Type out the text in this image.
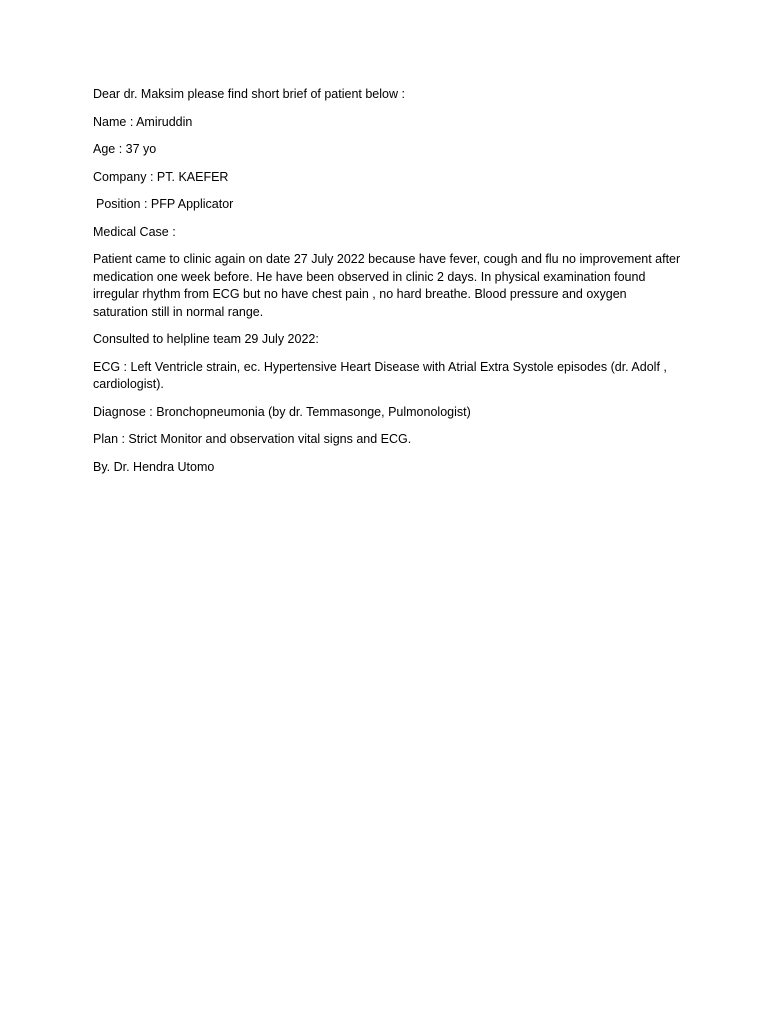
Dear dr. Maksim please find short brief of patient below :

Name : Amiruddin

Age : 37 yo

Company : PT. KAEFER

Position : PFP Applicator

Medical Case :

Patient came to clinic again on date 27 July 2022 because have fever, cough and flu no improvement after medication one week before. He have been observed in clinic 2 days. In physical examination found irregular rhythm from ECG but no have chest pain , no hard breathe. Blood pressure and oxygen saturation still in normal range.

Consulted to helpline team 29 July 2022:

ECG : Left Ventricle strain, ec. Hypertensive Heart Disease with Atrial Extra Systole episodes (dr. Adolf , cardiologist).

Diagnose : Bronchopneumonia (by dr. Temmasonge, Pulmonologist)

Plan : Strict Monitor and observation vital signs and ECG.

By. Dr. Hendra Utomo
